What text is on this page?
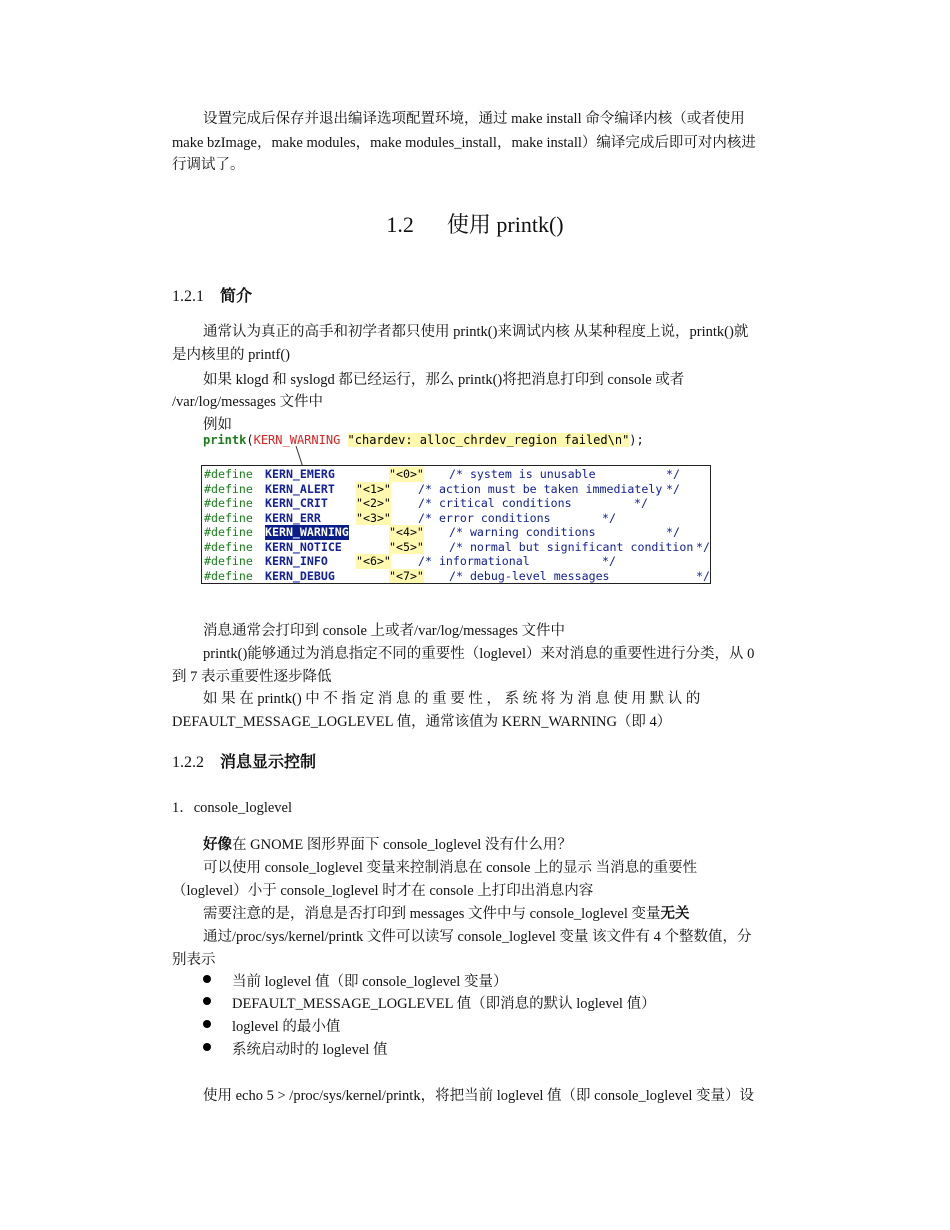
设置完成后保存并退出编译选项配置环境，通过 make install 命令编译内核（或者使用
make bzImage，make modules，make modules_install，make install）编译完成后即可对内核进
行调试了。
1.2 使用 printk()
1.2.1 简介
通常认为真正的高手和初学者都只使用 printk()来调试内核 从某种程度上说，printk()就
是内核里的 printf()
如果 klogd 和 syslogd 都已经运行，那么 printk()将把消息打印到 console 或者
/var/log/messages 文件中
例如
printk(KERN_WARNING "chardev: alloc_chrdev_region failed\n");
#define KERN_EMERG	"<0>" /* system is unusable	*/
#define KERN_ALERT "<1>" /* action must be taken immediately */
#define KERN_CRIT "<2>" /* critical conditions	*/
#define KERN_ERR	"<3>" /* error conditions	*/
#define KERN_WARNING	"<4>" /* warning conditions	*/
#define KERN_NOTICE	"<5>" /* normal but significant condition */
#define KERN_INFO "<6>" /* informational	*/
#define KERN_DEBUG	"<7>" /* debug-level messages	*/
消息通常会打印到 console 上或者/var/log/messages 文件中
printk()能够通过为消息指定不同的重要性（loglevel）来对消息的重要性进行分类，从 0
到 7 表示重要性逐步降低
如 果 在 printk() 中 不 指 定 消 息 的 重 要 性 ， 系 统 将 为 消 息 使 用 默 认 的
DEFAULT_MESSAGE_LOGLEVEL 值，通常该值为 KERN_WARNING（即 4）
1.2.2 消息显示控制
1．console_loglevel
好像在 GNOME 图形界面下 console_loglevel 没有什么用？
可以使用 console_loglevel 变量来控制消息在 console 上的显示 当消息的重要性
（loglevel）小于 console_loglevel 时才在 console 上打印出消息内容
需要注意的是，消息是否打印到 messages 文件中与 console_loglevel 变量无关
通过/proc/sys/kernel/printk 文件可以读写 console_loglevel 变量 该文件有 4 个整数值，分
别表示
当前 loglevel 值（即 console_loglevel 变量）
DEFAULT_MESSAGE_LOGLEVEL 值（即消息的默认 loglevel 值）
loglevel 的最小值
系统启动时的 loglevel 值
使用 echo 5 > /proc/sys/kernel/printk，将把当前 loglevel 值（即 console_loglevel 变量）设
